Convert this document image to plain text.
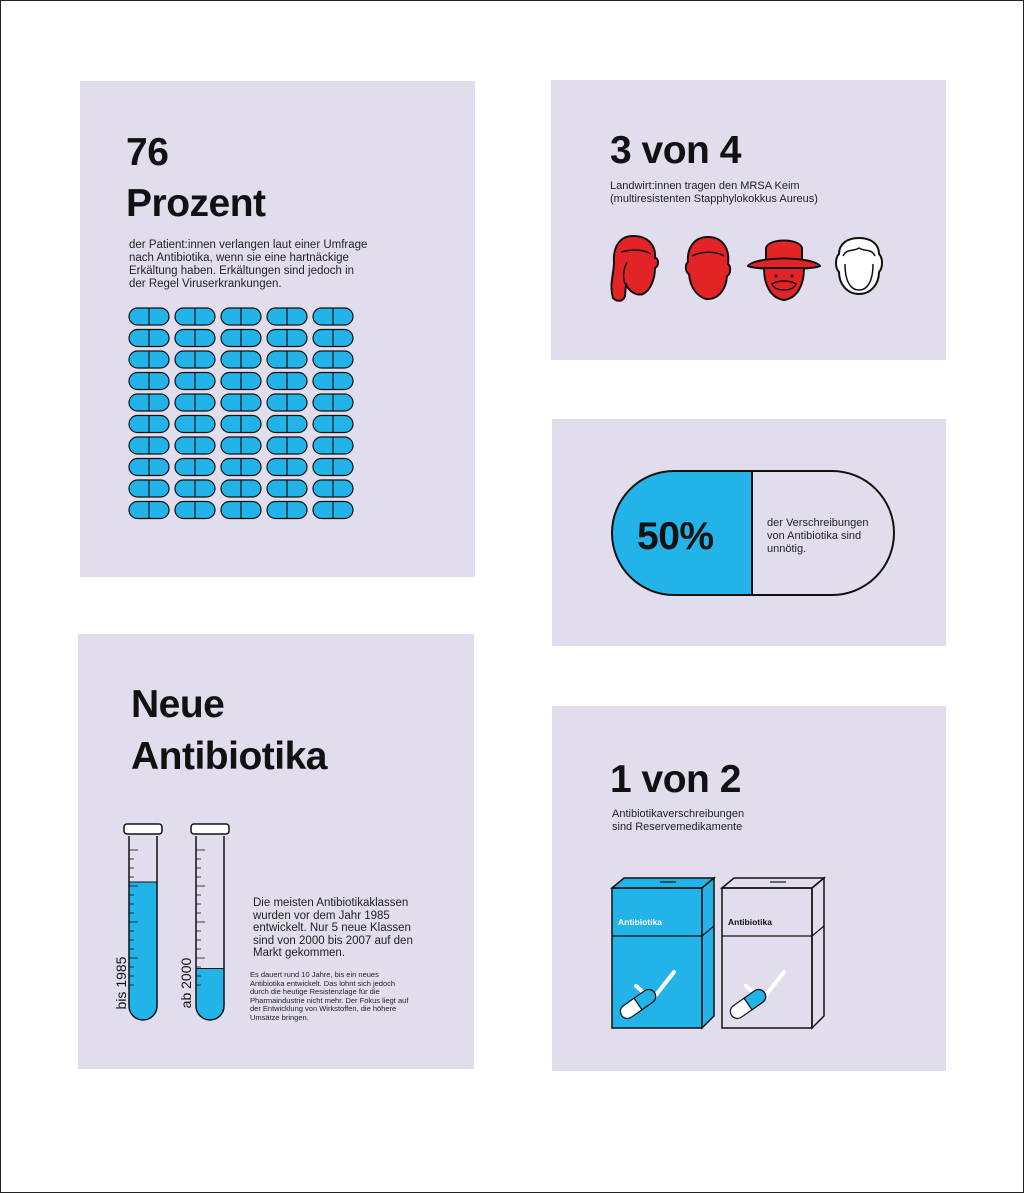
76
Prozent
der Patient:innen verlangen laut einer Umfrage nach Antibiotika, wenn sie eine hartnäckige Erkältung haben. Erkältungen sind jedoch in der Regel Viruserkrankungen.
3 von 4
Landwirt:innen tragen den MRSA Keim (multiresistenten Stapphylokokkus Aureus)
50%	der Verschreibungen von Antibiotika sind unnötig.
Neue
Antibiotika
bis 1985	ab 2000
Die meisten Antibiotikaklassen wurden vor dem Jahr 1985 entwickelt. Nur 5 neue Klassen sind von 2000 bis 2007 auf den Markt gekommen.
Es dauert rund 10 Jahre, bis ein neues Antibiotika entwickelt. Das lohnt sich jedoch durch die heutige Resistenzlage für die Pharmaindustrie nicht mehr. Der Fokus liegt auf der Entwicklung von Wirkstoffen, die höhere Umsätze bringen.
1 von 2
Antibiotikaverschreibungen
sind Reservemedikamente
Antibiotika	Antibiotika
